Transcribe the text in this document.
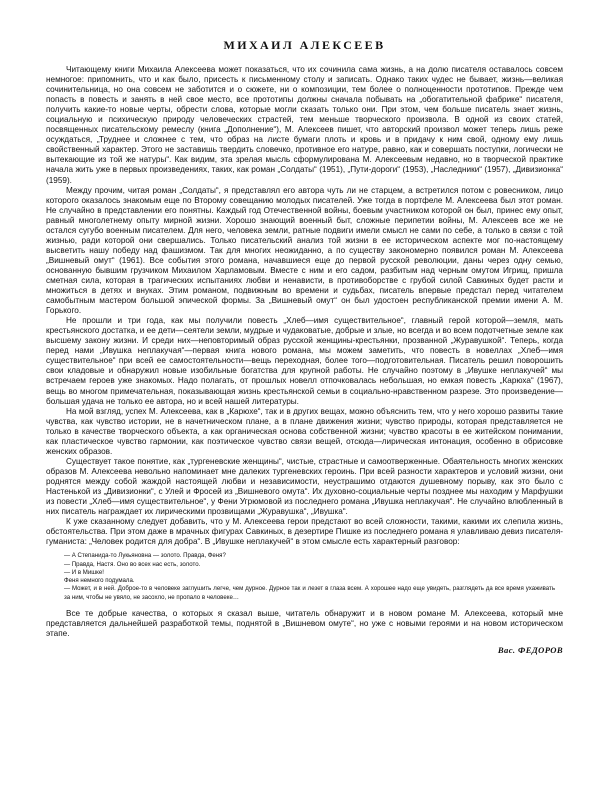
МИХАИЛ АЛЕКСЕЕВ

Читающему книги Михаила Алексеева может показаться, что их сочинила сама жизнь, а на долю писателя оставалось совсем немногое: припомнить, что и как было, присесть к письменному столу и записать. Однако таких чудес не бывает, жизнь—великая сочинительница, но она совсем не заботится и о сюжете, ни о композиции, тем более о полноценности прототипов. Прежде чем попасть в повесть и занять в ней свое место, все прототипы должны сначала побывать на „обогатительной фабрике“ писателя, получить какие-то новые черты, обрести слова, которые могли сказать только они. При этом, чем больше писатель знает жизнь, социальную и психическую природу человеческих страстей, тем меньше творческого произвола. В одной из своих статей, посвященных писательскому ремеслу (книга „Дополнение“), М. Алексеев пишет, что авторский произвол может теперь лишь реже осуждаться, „Труднее и сложнее с тем, что образ на листе бумаги плоть и кровь и в придачу к ним свой, одному ему лишь свойственный характер. Этого не заставишь твердить словечко, противное его натуре, равно, как и совершать поступки, логически не вытекающие из той же натуры“. Как видим, эта зрелая мысль сформулирована М. Алексеевым недавно, но в творческой практике начала жить уже в первых произведениях, таких, как роман „Солдаты“ (1951), „Пути-дороги“ (1953), „Наследники“ (1957), „Дивизионка“ (1959).

Между прочим, читая роман „Солдаты“, я представлял его автора чуть ли не старцем, а встретился потом с ровесником, лицо которого оказалось знакомым еще по Второму совещанию молодых писателей. Уже тогда в портфеле М. Алексеева был этот роман. Не случайно в представлении его понятны. Каждый год Отечественной войны, боевым участником которой он был, принес ему опыт, равный многолетнему опыту мирной жизни. Хорошо знающий военный быт, сложные перипетии войны, М. Алексеев все же не остался сугубо военным писателем. Для него, человека земли, ратные подвиги имели смысл не сами по себе, а только в связи с той жизнью, ради которой они свершались. Только писательский анализ той жизни в ее историческом аспекте мог по-настоящему высветить нашу победу над фашизмом. Так для многих неожиданно, а по существу закономерно появился роман М. Алексеева „Вишневый омут“ (1961). Все события этого романа, начавшиеся еще до первой русской революции, даны через одну семью, основанную бывшим грузчиком Михаилом Харламовым. Вместе с ним и его садом, разбитым над черным омутом Игрищ, пришла сметная сила, которая в трагических испытаниях любви и ненависти, в противоборстве с грубой силой Савкиных будет расти и множиться в детях и внуках. Этим романом, подвижным во времени и судьбах, писатель впервые предстал перед читателем самобытным мастером большой эпической формы. За „Вишневый омут“ он был удостоен республиканской премии имени А. М. Горького.

Не прошли и три года, как мы получили повесть „Хлеб—имя существительное“, главный герой которой—земля, мать крестьянского достатка, и ее дети—сеятели земли, мудрые и чудаковатые, добрые и злые, но всегда и во всем подотчетные земле как высшему закону жизни. И среди них—неповторимый образ русской женщины-крестьянки, прозванной „Журавушкой“. Теперь, когда перед нами „Ивушка неплакучая“—первая книга нового романа, мы можем заметить, что повесть в новеллах „Хлеб—имя существительное“ при всей ее самостоятельности—вещь переходная, более того—подготовительная. Писатель решил поворошить свои кладовые и обнаружил новые изобильные богатства для крупной работы. Не случайно поэтому в „Ивушке неплакучей“ мы встречаем героев уже знакомых. Надо полагать, от прошлых новелл отпочковалась небольшая, но емкая повесть „Карюха“ (1967), вещь во многом примечательная, показывающая жизнь крестьянской семьи в социально-нравственном разрезе. Это произведение—большая удача не только ее автора, но и всей нашей литературы.

На мой взгляд, успех М. Алексеева, как в „Карюхе“, так и в других вещах, можно объяснить тем, что у него хорошо развиты такие чувства, как чувство истории, не в начетническом плане, а в плане движения жизни; чувство природы, которая представляется не только в качестве творческого объекта, а как органическая основа собственной жизни; чувство красоты в ее житейском понимании, как пластическое чувство гармонии, как поэтическое чувство связи вещей, отсюда—лирическая интонация, особенно в обрисовке женских образов.

Существует такое понятие, как „тургеневские женщины“, чистые, страстные и самоотверженные. Обаятельность многих женских образов М. Алексеева невольно напоминает мне далеких тургеневских героинь. При всей разности характеров и условий жизни, они роднятся между собой жаждой настоящей любви и независимости, неустрашимо отдаются душевному порыву, как это было с Настенькой из „Дивизионки“, с Улей и Фросей из „Вишневого омута“. Их духовно-социальные черты позднее мы находим у Марфушки из повести „Хлеб—имя существительное“, у Фени Угрюмовой из последнего романа „Ивушка неплакучая“. Не случайно влюбленный в них писатель награждает их лирическими прозвищами „Журавушка“, „Ивушка“.

К уже сказанному следует добавить, что у М. Алексеева герои предстают во всей сложности, такими, какими их слепила жизнь, обстоятельства. При этом даже в мрачных фигурах Савкиных, в дезертире Пишке из последнего романа я улавливаю девиз писателя-гуманиста: „Человек родится для добра“. В „Ивушке неплакучей“ в этом смысле есть характерный разговор:

— А Степанида-то Лукьяновна — золото. Правда, Феня?
— Правда, Настя. Оно во всех нас есть, золото.
— И в Мишке!
Феня немного подумала.
— Может, и в ней. Доброе-то в человеке заглушить легче, чем дурное. Дурное так и лезет в глаза всем. А хорошее надо еще увидеть, разглядеть да все время ухаживать за ним, чтобы не увяло, не засохло, не пропало в человеке…

Все те добрые качества, о которых я сказал выше, читатель обнаружит и в новом романе М. Алексеева, который мне представляется дальнейшей разработкой темы, поднятой в „Вишневом омуте“, но уже с новыми героями и на новом историческом этапе.

Вас. ФЕДОРОВ
